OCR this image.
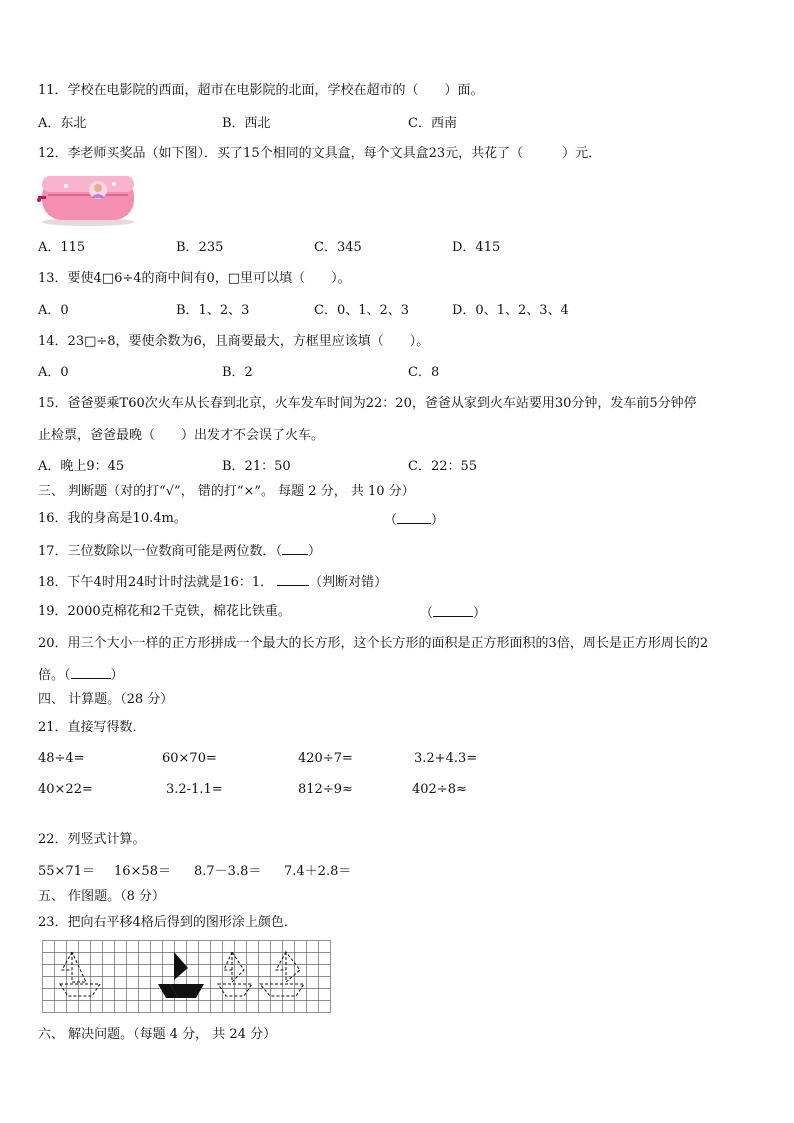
11．学校在电影院的西面，超市在电影院的北面，学校在超市的（　　）面。
A．东北	B．西北	C．西南
12．李老师买奖品（如下图）．买了15个相同的文具盒，每个文具盒23元，共花了（　　　）元．
A．115	B．235	C．345	D．415
13．要使4□6÷4的商中间有0，□里可以填（　　）。
A．0	B．1、2、3	C．0、1、2、3	D．0、1、2、3、4
14．23□÷8，要使余数为6，且商要最大，方框里应该填（　　）。
A．0	B．2	C．8
15．爸爸要乘T60次火车从长春到北京，火车发车时间为22：20，爸爸从家到火车站要用30分钟，发车前5分钟停
止检票，爸爸最晚（　　）出发才不会误了火车。
A．晚上9：45	B．21：50	C．22：55
三、 判断题（对的打“√”， 错的打“×”。 每题 2 分， 共 10 分）
16．我的身高是10.4m。	（	）
17．三位数除以一位数商可能是两位数．（ ）
18．下午4时用24时计时法就是16：1．	（判断对错）
19．2000克棉花和2千克铁，棉花比铁重。	（	）
20．用三个大小一样的正方形拼成一个最大的长方形，这个长方形的面积是正方形面积的3倍，周长是正方形周长的2
倍。（	）
四、 计算题。（28 分）
21．直接写得数．
48÷4=	60×70=	420÷7=	3.2+4.3=
40×22=	3.2-1.1=	812÷9≈	402÷8≈
22．列竖式计算。
55×71＝ 16×58＝ 8.7－3.8＝ 7.4＋2.8＝
五、 作图题。（8 分）
23．把向右平移4格后得到的图形涂上颜色．
六、 解决问题。（每题 4 分， 共 24 分）
